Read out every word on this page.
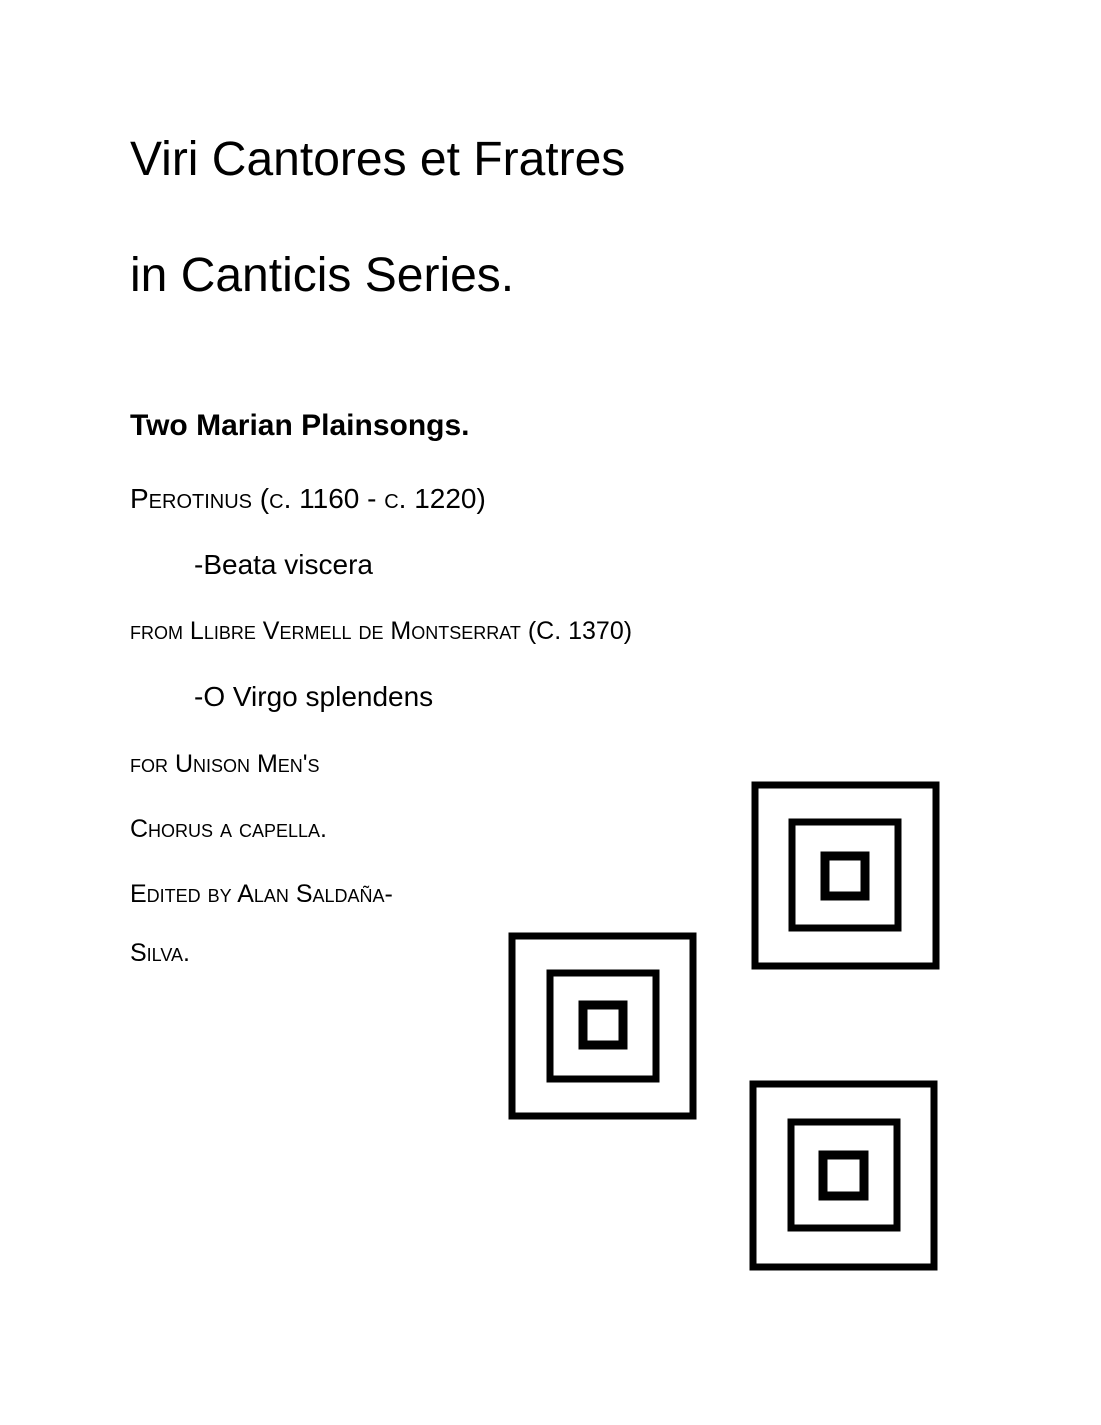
Viri Cantores et Fratres
in Canticis Series.
Two Marian Plainsongs.

Perotinus (c. 1160 - c. 1220)

-Beata viscera

from Llibre Vermell de Montserrat (C. 1370)

-O Virgo splendens

for Unison Men's

Chorus a capella.

Edited by Alan Saldaña-

Silva.
